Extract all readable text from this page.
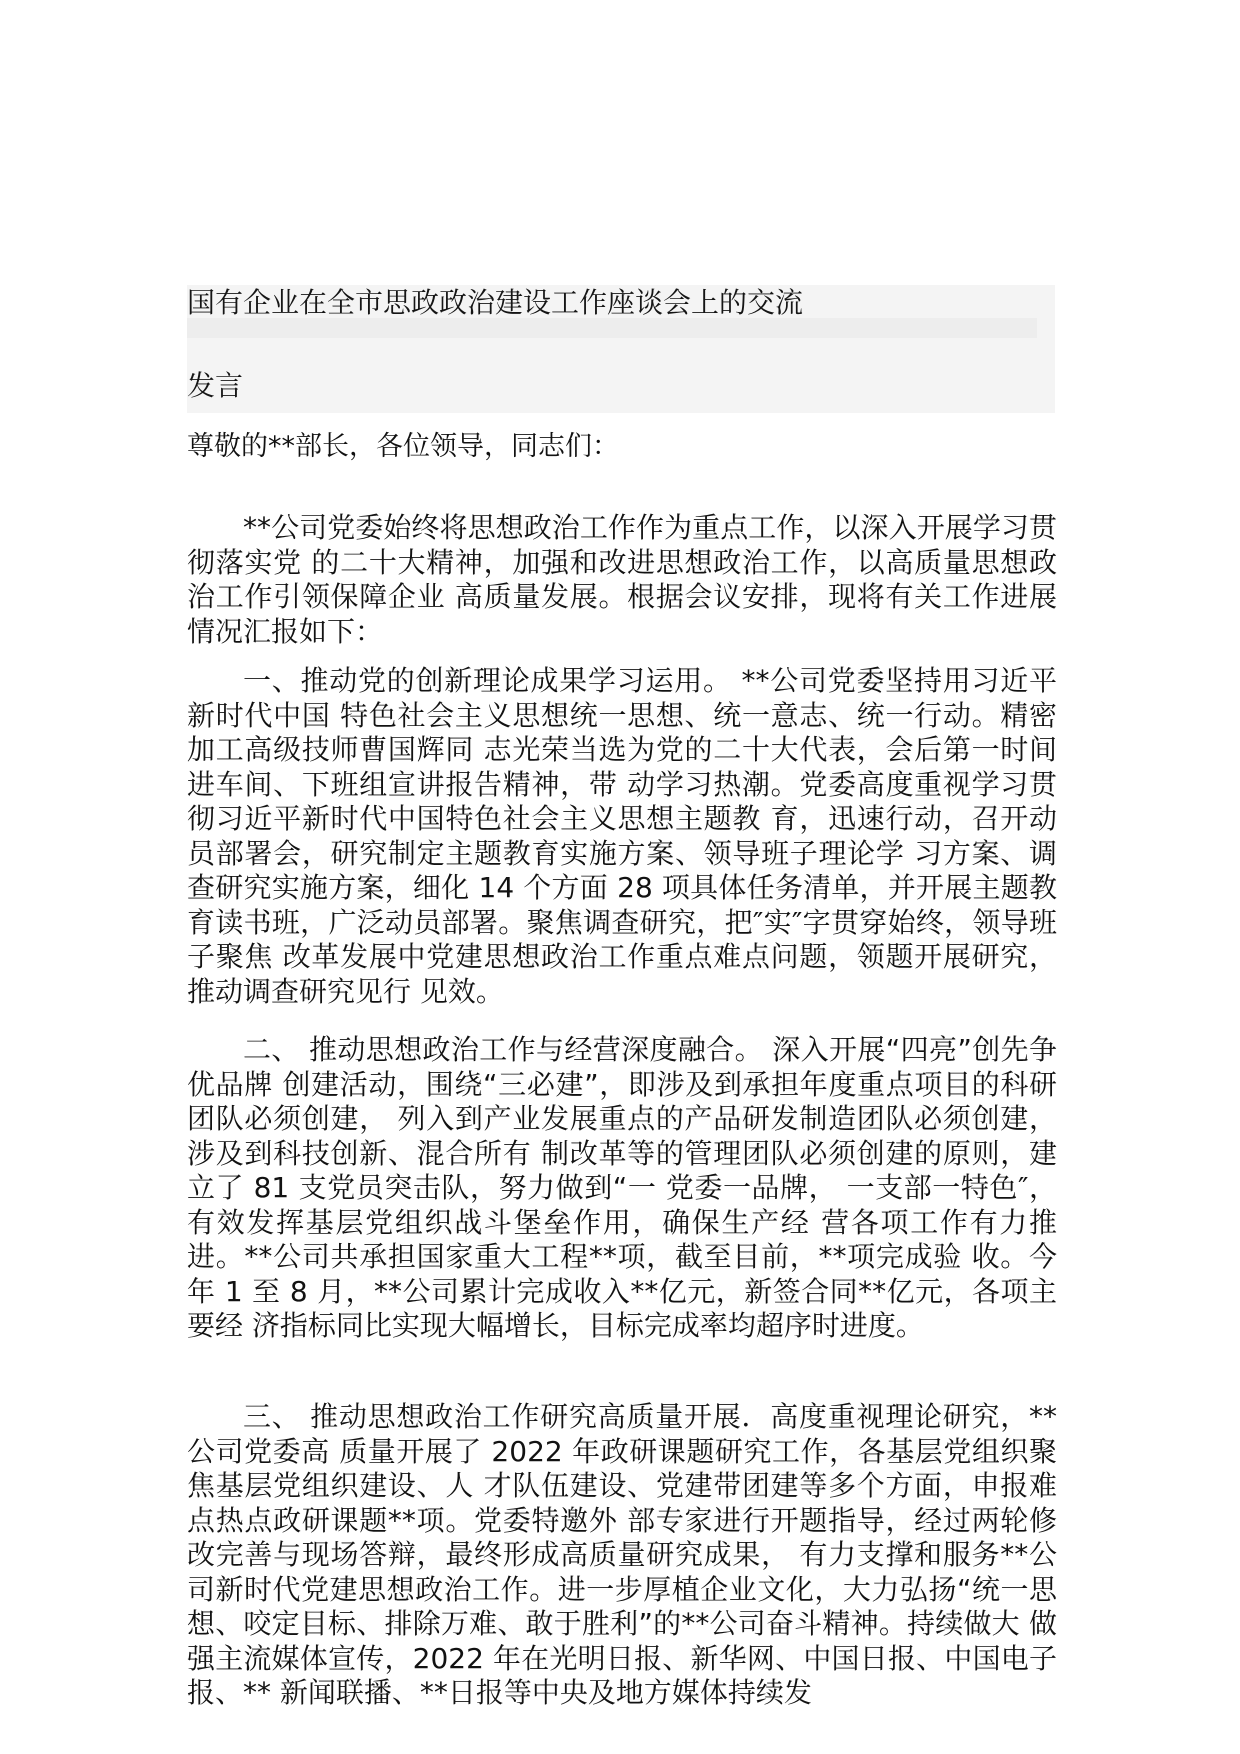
国有企业在全市思政政治建设工作座谈会上的交流
发言
尊敬的**部长，各位领导，同志们：

**公司党委始终将思想政治工作作为重点工作，以深入开展学习贯彻落实党 的二十大精神，加强和改进思想政治工作，以高质量思想政治工作引领保障企业 高质量发展。根据会议安排，现将有关工作进展情况汇报如下：

一、推动党的创新理论成果学习运用。 **公司党委坚持用习近平新时代中国 特色社会主义思想统一思想、统一意志、统一行动。精密加工高级技师曹国辉同 志光荣当选为党的二十大代表，会后第一时间进车间、下班组宣讲报告精神，带 动学习热潮。党委高度重视学习贯彻习近平新时代中国特色社会主义思想主题教 育，迅速行动，召开动员部署会，研究制定主题教育实施方案、领导班子理论学 习方案、调查研究实施方案，细化 14 个方面 28 项具体任务清单，并开展主题教 育读书班，广泛动员部署。聚焦调查研究，把″实″字贯穿始终，领导班子聚焦 改革发展中党建思想政治工作重点难点问题，领题开展研究，推动调查研究见行 见效。

二、 推动思想政治工作与经营深度融合。 深入开展“四亮”创先争优品牌 创建活动，围绕“三必建”，即涉及到承担年度重点项目的科研团队必须创建， 列入到产业发展重点的产品研发制造团队必须创建，涉及到科技创新、混合所有 制改革等的管理团队必须创建的原则，建立了 81 支党员突击队，努力做到“一 党委一品牌， 一支部一特色″，有效发挥基层党组织战斗堡垒作用，确保生产经 营各项工作有力推进。**公司共承担国家重大工程**项，截至目前，**项完成验 收。今年 1 至 8 月，**公司累计完成收入**亿元，新签合同**亿元，各项主要经 济指标同比实现大幅增长，目标完成率均超序时进度。

三、 推动思想政治工作研究高质量开展．高度重视理论研究，**公司党委高 质量开展了 2022 年政研课题研究工作，各基层党组织聚焦基层党组织建设、人 才队伍建设、党建带团建等多个方面，申报难点热点政研课题**项。党委特邀外 部专家进行开题指导，经过两轮修改完善与现场答辩，最终形成高质量研究成果， 有力支撑和服务**公司新时代党建思想政治工作。进一步厚植企业文化，大力弘扬“统一思想、咬定目标、排除万难、敢于胜利”的**公司奋斗精神。持续做大 做强主流媒体宣传，2022 年在光明日报、新华网、中国日报、中国电子报、** 新闻联播、**日报等中央及地方媒体持续发
